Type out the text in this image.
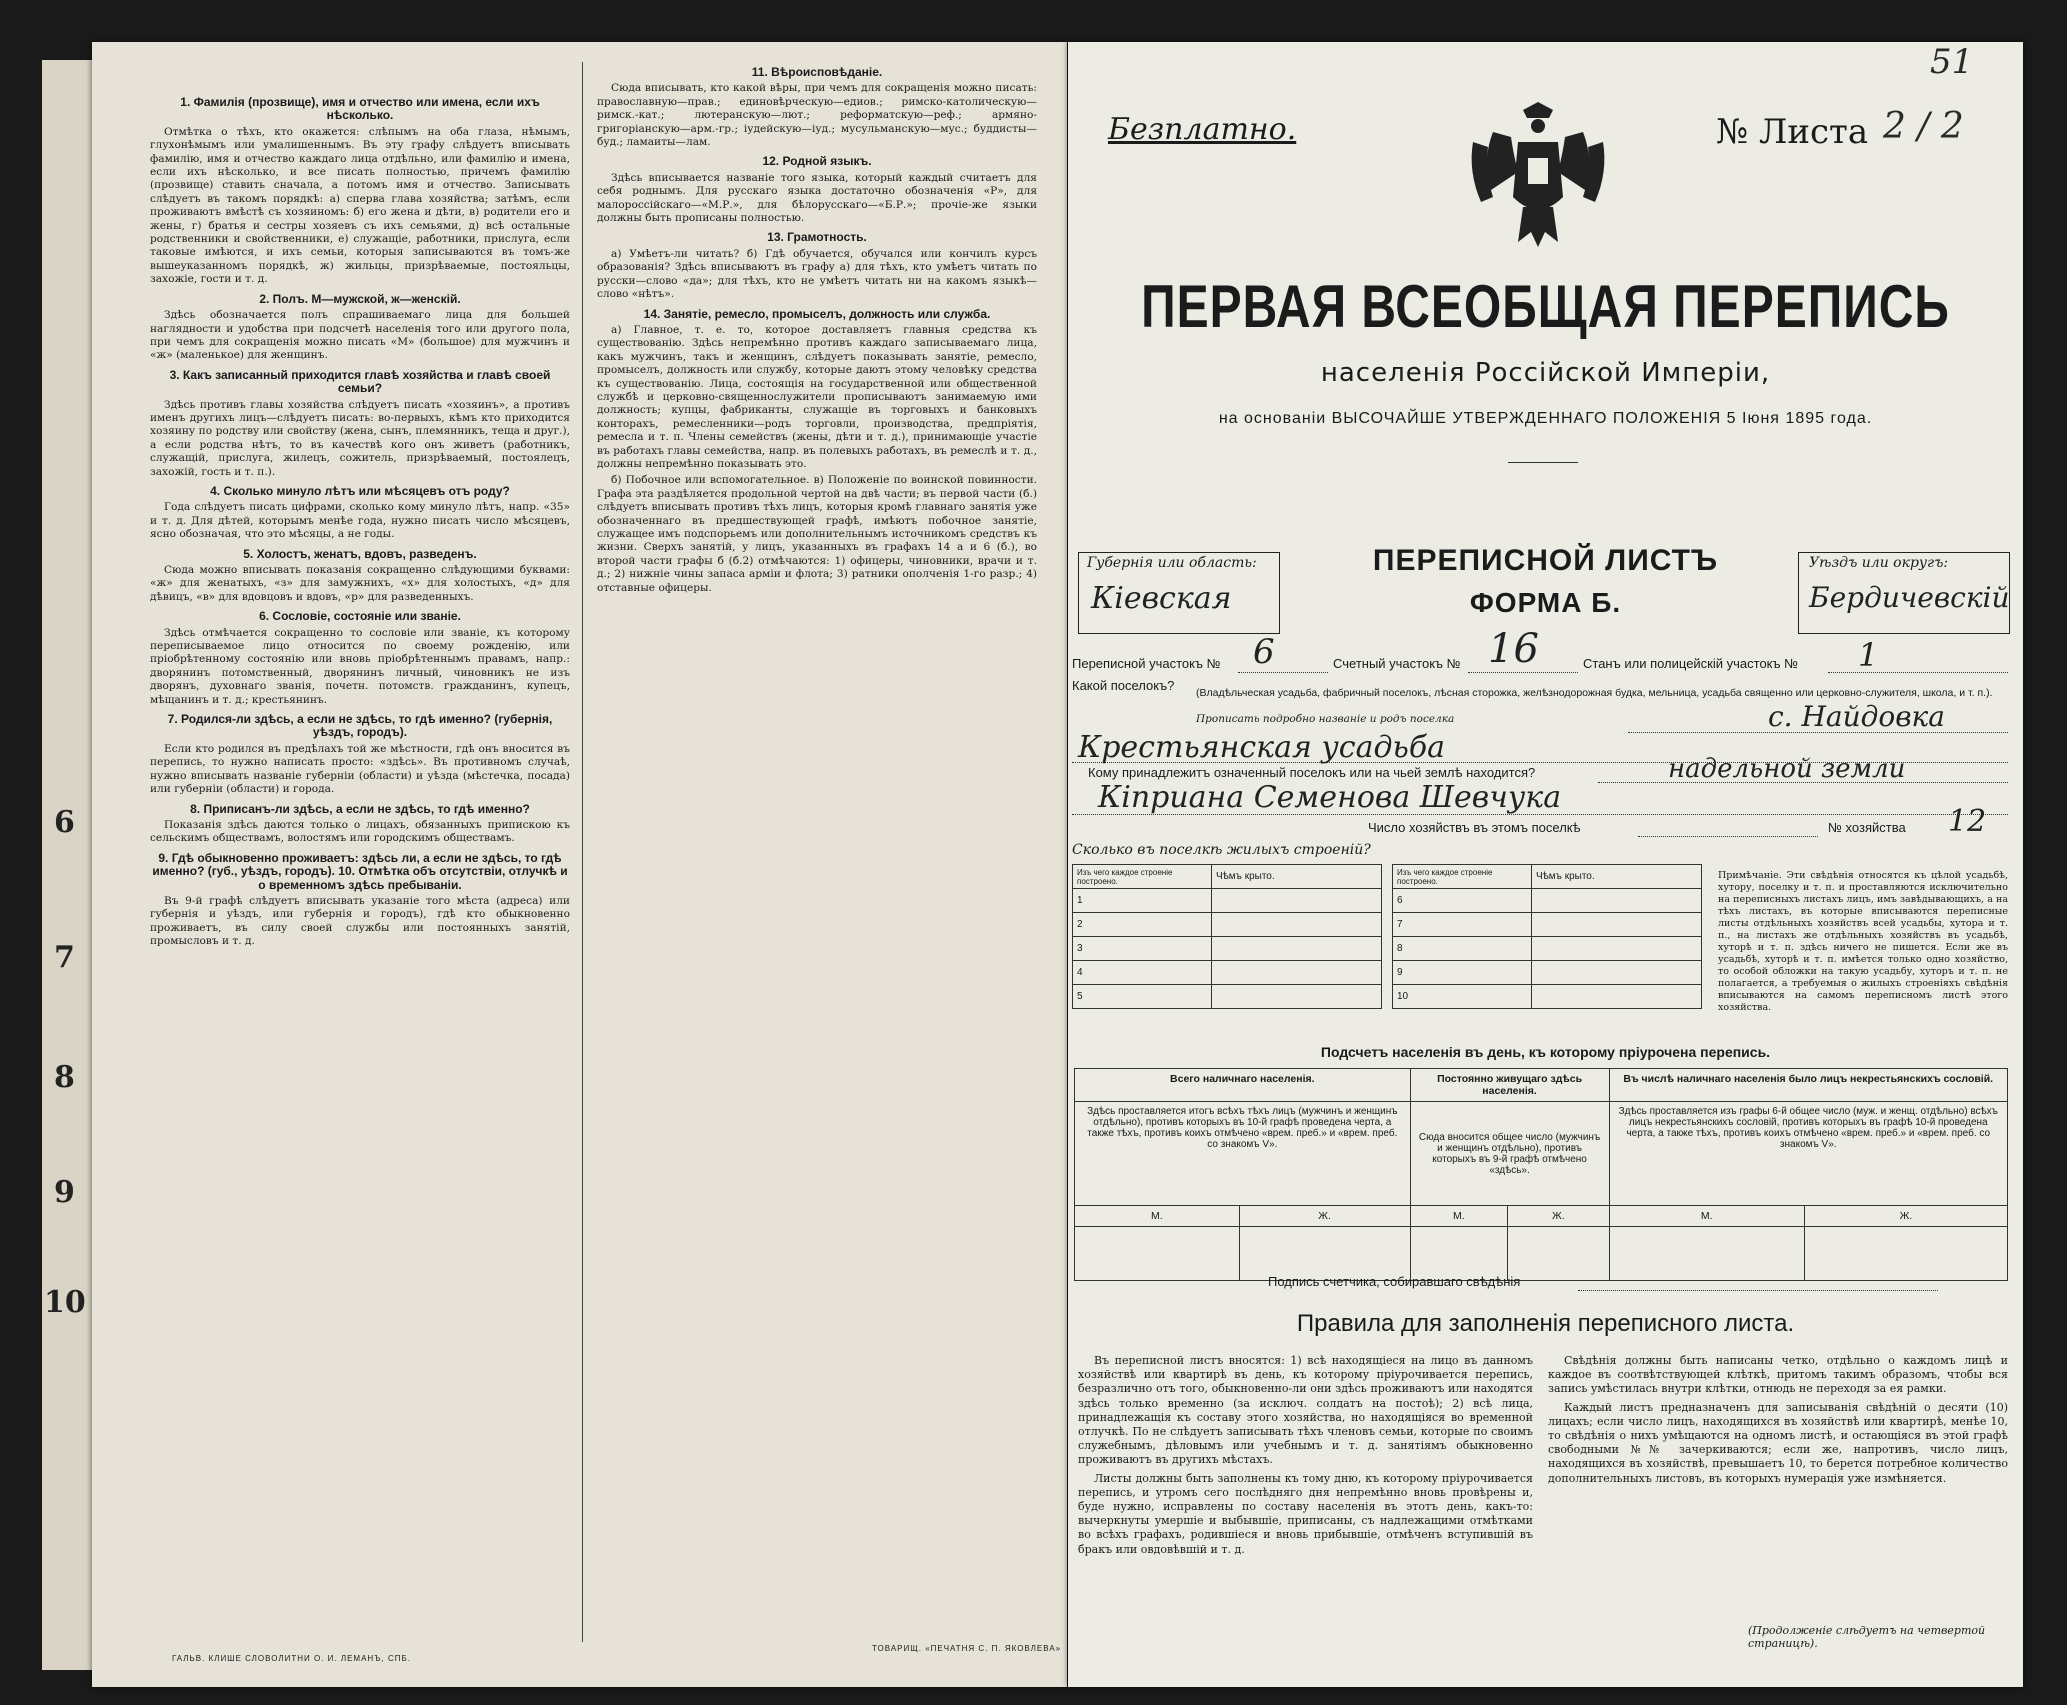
6
7
8
9
10
1. Фамилія (прозвище), имя и отчество или имена, если ихъ нѣсколько.

Отмѣтка о тѣхъ, кто окажется: слѣпымъ на оба глаза, нѣмымъ, глухонѣмымъ или умалишеннымъ. Въ эту графу слѣдуетъ вписывать фамилію, имя и отчество каждаго лица отдѣльно, или фамилію и имена, если ихъ нѣсколько, и все писать полностью, причемъ фамилію (прозвище) ставить сначала, а потомъ имя и отчество. Записывать слѣдуетъ въ такомъ порядкѣ: а) сперва глава хозяйства; затѣмъ, если проживаютъ вмѣстѣ съ хозяиномъ: б) его жена и дѣти, в) родители его и жены, г) братья и сестры хозяевъ съ ихъ семьями, д) всѣ остальные родственники и свойственники, е) служащіе, работники, прислуга, если таковые имѣются, и ихъ семьи, которыя записываются въ томъ-же вышеуказанномъ порядкѣ, ж) жильцы, призрѣваемые, постояльцы, захожіе, гости и т. д.

2. Полъ. М—мужской, ж—женскій.

Здѣсь обозначается полъ спрашиваемаго лица для большей наглядности и удобства при подсчетѣ населенія того или другого пола, при чемъ для сокращенія можно писать «М» (большое) для мужчинъ и «ж» (маленькое) для женщинъ.

3. Какъ записанный приходится главѣ хозяйства и главѣ своей семьи?

Здѣсь противъ главы хозяйства слѣдуетъ писать «хозяинъ», а противъ именъ другихъ лицъ—слѣдуетъ писать: во-первыхъ, кѣмъ кто приходится хозяину по родству или свойству (жена, сынъ, племянникъ, теща и друг.), а если родства нѣтъ, то въ качествѣ кого онъ живетъ (работникъ, служащій, прислуга, жилецъ, сожитель, призрѣваемый, постоялецъ, захожій, гость и т. п.).

4. Сколько минуло лѣтъ или мѣсяцевъ отъ роду?

Года слѣдуетъ писать цифрами, сколько кому минуло лѣтъ, напр. «35» и т. д. Для дѣтей, которымъ менѣе года, нужно писать число мѣсяцевъ, ясно обозначая, что это мѣсяцы, а не годы.

5. Холостъ, женатъ, вдовъ, разведенъ.

Сюда можно вписывать показанія сокращенно слѣдующими буквами: «ж» для женатыхъ, «з» для замужнихъ, «х» для холостыхъ, «д» для дѣвицъ, «в» для вдовцовъ и вдовъ, «р» для разведенныхъ.

6. Сословіе, состояніе или званіе.

Здѣсь отмѣчается сокращенно то сословіе или званіе, къ которому переписываемое лицо относится по своему рожденію, или пріобрѣтенному состоянію или вновь пріобрѣтеннымъ правамъ, напр.: дворянинъ потомственный, дворянинъ личный, чиновникъ не изъ дворянъ, духовнаго званія, почетн. потомств. гражданинъ, купецъ, мѣщанинъ и т. д.; крестьянинъ.

7. Родился-ли здѣсь, а если не здѣсь, то гдѣ именно? (губернія, уѣздъ, городъ).

Если кто родился въ предѣлахъ той же мѣстности, гдѣ онъ вносится въ перепись, то нужно написать просто: «здѣсь». Въ противномъ случаѣ, нужно вписывать названіе губерніи (области) и уѣзда (мѣстечка, посада) или губерніи (области) и города.

8. Приписанъ-ли здѣсь, а если не здѣсь, то гдѣ именно?

Показанія здѣсь даются только о лицахъ, обязанныхъ припискою къ сельскимъ обществамъ, волостямъ или городскимъ обществамъ.

9. Гдѣ обыкновенно проживаетъ: здѣсь ли, а если не здѣсь, то гдѣ именно? (губ., уѣздъ, городъ). 10. Отмѣтка объ отсутствіи, отлучкѣ и о временномъ здѣсь пребываніи.

Въ 9-й графѣ слѣдуетъ вписывать указаніе того мѣста (адреса) или губернія и уѣздъ, или губернія и городъ), гдѣ кто обыкновенно проживаетъ, въ силу своей службы или постоянныхъ занятій, промысловъ и т. д.

11. Вѣроисповѣданіе.

Сюда вписывать, кто какой вѣры, при чемъ для сокращенія можно писать: православную—прав.; единовѣрческую—едиов.; римско-католическую—римск.-кат.; лютеранскую—лют.; реформатскую—реф.; армяно-григоріанскую—арм.-гр.; іудейскую—іуд.; мусульманскую—мус.; буддисты—буд.; ламаиты—лам.

12. Родной языкъ.

Здѣсь вписывается названіе того языка, который каждый считаетъ для себя роднымъ. Для русскаго языка достаточно обозначенія «Р», для малороссійскаго—«М.Р.», для бѣлорусскаго—«Б.Р.»; прочіе-же языки должны быть прописаны полностью.

13. Грамотность.

а) Умѣетъ-ли читать? б) Гдѣ обучается, обучался или кончилъ курсъ образованія? Здѣсь вписываютъ въ графу а) для тѣхъ, кто умѣетъ читать по русски—слово «да»; для тѣхъ, кто не умѣетъ читать ни на какомъ языкѣ—слово «нѣтъ».

14. Занятіе, ремесло, промыселъ, должность или служба.

а) Главное, т. е. то, которое доставляетъ главныя средства къ существованію. Здѣсь непремѣнно противъ каждаго записываемаго лица, какъ мужчинъ, такъ и женщинъ, слѣдуетъ показывать занятіе, ремесло, промыселъ, должность или службу, которые даютъ этому человѣку средства къ существованію. Лица, состоящія на государственной или общественной службѣ и церковно-священнослужители прописываютъ занимаемую ими должность; купцы, фабриканты, служащіе въ торговыхъ и банковыхъ конторахъ, ремесленники—родъ торговли, производства, предпріятія, ремесла и т. п. Члены семействъ (жены, дѣти и т. д.), принимающіе участіе въ работахъ главы семейства, напр. въ полевыхъ работахъ, въ ремеслѣ и т. д., должны непремѣнно показывать это.

б) Побочное или вспомогательное. в) Положеніе по воинской повинности. Графа эта раздѣляется продольной чертой на двѣ части; въ первой части (б.) слѣдуетъ вписывать противъ тѣхъ лицъ, которыя кромѣ главнаго занятія уже обозначеннаго въ предшествующей графѣ, имѣютъ побочное занятіе, служащее имъ подспорьемъ или дополнительнымъ источникомъ средствъ къ жизни. Сверхъ занятій, у лицъ, указанныхъ въ графахъ 14 а и 6 (б.), во второй части графы б (б.2) отмѣчаются: 1) офицеры, чиновники, врачи и т. д.; 2) нижніе чины запаса арміи и флота; 3) ратники ополченія 1-го разр.; 4) отставные офицеры.

ГАЛЬВ. КЛИШЕ СЛОВОЛИТНИ О. И. ЛЕМАНЪ, СПБ.
ТОВАРИЩ. «ПЕЧАТНЯ С. П. ЯКОВЛЕВА»
51
Безплатно.	№ Листа 2 / 2
ПЕРВАЯ ВСЕОБЩАЯ ПЕРЕПИСЬ
населенія Россійской Имперіи,
на основаніи ВЫСОЧАЙШЕ УТВЕРЖДЕННАГО ПОЛОЖЕНІЯ 5 Іюня 1895 года.
Губернія или область:
Кіевская
ПЕРЕПИСНОЙ ЛИСТЪ
ФОРМА Б.
Уѣздъ или округъ:
Бердичевскій
Переписной участокъ № 6	Счетный участокъ № 16	Станъ или полицейскій участокъ № 1
Какой поселокъ? (Владѣльческая усадьба, фабричный поселокъ, лѣсная сторожка, желѣзнодорожная будка, мельница, усадьба священно или церковно-служителя, школа, и т. п.). Прописать подробно названіе и родъ поселка	с. Найдовка
Крестьянская усадьба
Кому принадлежитъ означенный поселокъ или на чьей землѣ находится?	надельной земли
Кіприана Семенова Шевчука
Число хозяйствъ въ этомъ поселкѣ	№ хозяйства 12
Сколько въ поселкѣ жилыхъ строеній?
Изъ чего каждое строеніе построено.	Чѣмъ крыто.
1	
2	
3	
4	
5	
Изъ чего каждое строеніе построено.	Чѣмъ крыто.
6	
7	
8	
9	
10	
Примѣчаніе. Эти свѣдѣнія относятся къ цѣлой усадьбѣ, хутору, поселку и т. п. и проставляются исключительно на переписныхъ листахъ лицъ, имъ завѣдывающихъ, а на тѣхъ листахъ, въ которые вписываются переписные листы отдѣльныхъ хозяйствъ всей усадьбы, хутора и т. п., на листахъ же отдѣльныхъ хозяйствъ въ усадьбѣ, хуторѣ и т. п. здѣсь ничего не пишется. Если же въ усадьбѣ, хуторѣ и т. п. имѣется только одно хозяйство, то особой обложки на такую усадьбу, хуторъ и т. п. не полагается, а требуемыя о жилыхъ строеніяхъ свѣдѣнія вписываются на самомъ переписномъ листѣ этого хозяйства.
Подсчетъ населенія въ день, къ которому пріурочена перепись.
Всего наличнаго населенія.		Постоянно живущаго здѣсь населенія.		Въ числѣ наличнаго населенія было лицъ некрестьянскихъ сословій.	
Здѣсь проставляется итогъ всѣхъ тѣхъ лицъ (мужчинъ и женщинъ отдѣльно), противъ которыхъ въ 10-й графѣ проведена черта, а также тѣхъ, противъ коихъ отмѣчено «врем. преб.» и «врем. преб. со знакомъ V».		Сюда вносится общее число (мужчинъ и женщинъ отдѣльно), противъ которыхъ въ 9-й графѣ отмѣчено «здѣсь».		Здѣсь проставляется изъ графы 6-й общее число (муж. и женщ. отдѣльно) всѣхъ лицъ некрестьянскихъ сословій, противъ которыхъ въ графѣ 10-й проведена черта, а также тѣхъ, противъ коихъ отмѣчено «врем. преб.» и «врем. преб. со знакомъ V».	
М.	Ж.	М.	Ж.	М.	Ж.

Подпись счетчика, собиравшаго свѣдѣнія
Правила для заполненія переписного листа.

Въ переписной листъ вносятся: 1) всѣ находящіеся на лицо въ данномъ хозяйствѣ или квартирѣ въ день, къ которому пріурочивается перепись, безразлично отъ того, обыкновенно-ли они здѣсь проживаютъ или находятся здѣсь только временно (за исключ. солдатъ на постоѣ); 2) всѣ лица, принадлежащія къ составу этого хозяйства, но находящіяся во временной отлучкѣ. По не слѣдуетъ записывать тѣхъ членовъ семьи, которые по своимъ служебнымъ, дѣловымъ или учебнымъ и т. д. занятіямъ обыкновенно проживаютъ въ другихъ мѣстахъ.

Листы должны быть заполнены къ тому дню, къ которому пріурочивается перепись, и утромъ сего послѣдняго дня непремѣнно вновь провѣрены и, буде нужно, исправлены по составу населенія въ этотъ день, какъ-то: вычеркнуты умершіе и выбывшіе, приписаны, съ надлежащими отмѣтками во всѣхъ графахъ, родившіеся и вновь прибывшіе, отмѣченъ вступившій въ бракъ или овдовѣвшій и т. д.

Свѣдѣнія должны быть написаны четко, отдѣльно о каждомъ лицѣ и каждое въ соотвѣтствующей клѣткѣ, притомъ такимъ образомъ, чтобы вся запись умѣстилась внутри клѣтки, отнюдь не переходя за ея рамки.

Каждый листъ предназначенъ для записыванія свѣдѣній о десяти (10) лицахъ; если число лицъ, находящихся въ хозяйствѣ или квартирѣ, менѣе 10, то свѣдѣнія о нихъ умѣщаются на одномъ листѣ, и остающіяся въ этой графѣ свободными №№ зачеркиваются; если же, напротивъ, число лицъ, находящихся въ хозяйствѣ, превышаетъ 10, то берется потребное количество дополнительныхъ листовъ, въ которыхъ нумерація уже измѣняется.

(Продолженіе слѣдуетъ на четвертой страницѣ).
